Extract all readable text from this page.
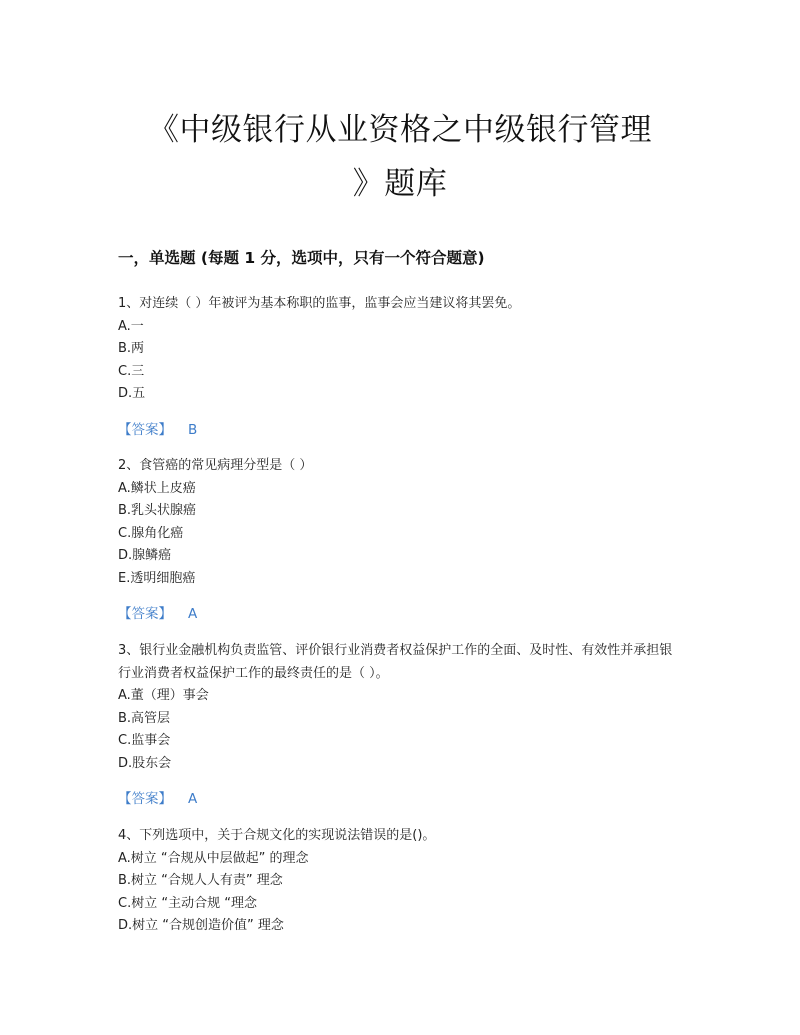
《中级银行从业资格之中级银行管理
》题库
一，单选题 (每题 1 分，选项中，只有一个符合题意)

1、对连续（ ）年被评为基本称职的监事，监事会应当建议将其罢免。

A.一
B.两
C.三
D.五
【答案】 B

2、食管癌的常见病理分型是（ ）

A.鳞状上皮癌
B.乳头状腺癌
C.腺角化癌
D.腺鳞癌
E.透明细胞癌
【答案】 A

3、银行业金融机构负责监管、评价银行业消费者权益保护工作的全面、及时性、有效性并承担银行业消费者权益保护工作的最终责任的是（ ）。

A.董（理）事会
B.高管层
C.监事会
D.股东会
【答案】 A

4、下列选项中，关于合规文化的实现说法错误的是()。

A.树立 “合规从中层做起” 的理念
B.树立 “合规人人有责” 理念
C.树立 “主动合规 “理念
D.树立 “合规创造价值” 理念
